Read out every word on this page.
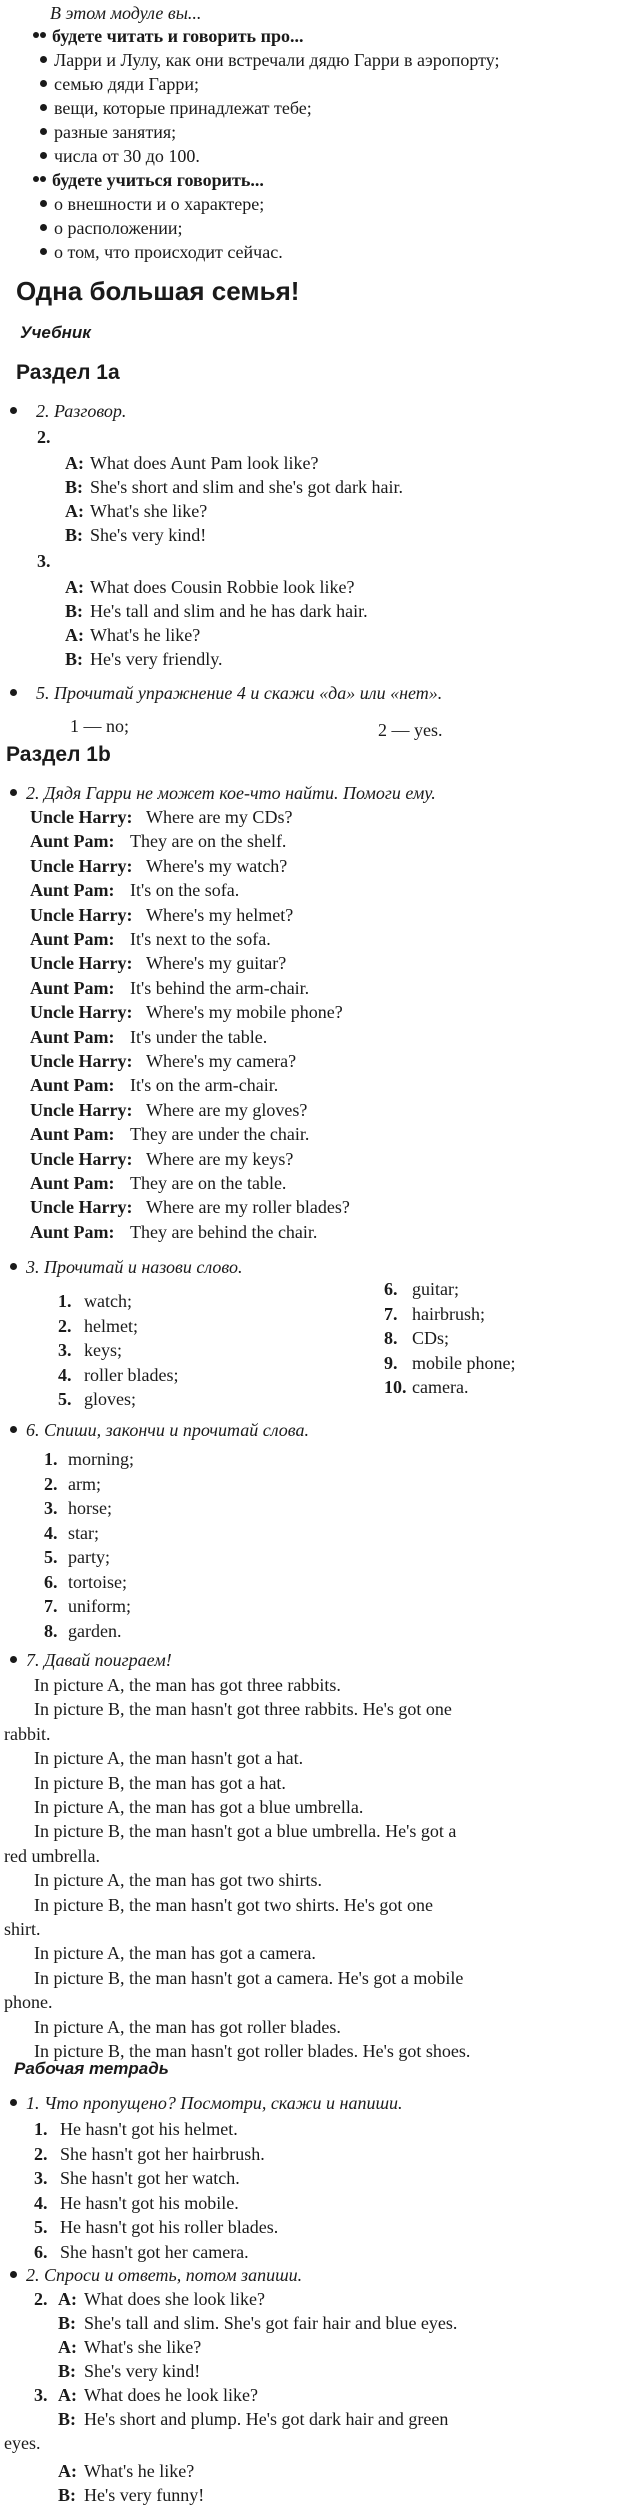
В этом модуле вы...
будете читать и говорить про...
Ларри и Лулу, как они встречали дядю Гарри в аэропорту;
семью дяди Гарри;
вещи, которые принадлежат тебе;
разные занятия;
числа от 30 до 100.
будете учиться говорить...
о внешности и о характере;
о расположении;
о том, что происходит сейчас.
Одна большая семья!
Учебник
Раздел 1a
2. Разговор.
2.
A: What does Aunt Pam look like?
B: She's short and slim and she's got dark hair.
A: What's she like?
B: She's very kind!
3.
A: What does Cousin Robbie look like?
B: He's tall and slim and he has dark hair.
A: What's he like?
B: He's very friendly.
5. Прочитай упражнение 4 и скажи «да» или «нет».
1 — no;	2 — yes.
Раздел 1b
2. Дядя Гарри не может кое-что найти. Помоги ему.
Uncle Harry: Where are my CDs?
Aunt Pam: They are on the shelf.
Uncle Harry: Where's my watch?
Aunt Pam: It's on the sofa.
Uncle Harry: Where's my helmet?
Aunt Pam: It's next to the sofa.
Uncle Harry: Where's my guitar?
Aunt Pam: It's behind the arm-chair.
Uncle Harry: Where's my mobile phone?
Aunt Pam: It's under the table.
Uncle Harry: Where's my camera?
Aunt Pam: It's on the arm-chair.
Uncle Harry: Where are my gloves?
Aunt Pam: They are under the chair.
Uncle Harry: Where are my keys?
Aunt Pam: They are on the table.
Uncle Harry: Where are my roller blades?
Aunt Pam: They are behind the chair.
3. Прочитай и назови слово.
1. watch;
6. guitar;
2. helmet;
7. hairbrush;
3. keys;
8. CDs;
4. roller blades;
9. mobile phone;
5. gloves;
10. camera.
6. Спиши, закончи и прочитай слова.
1. morning;
2. arm;
3. horse;
4. star;
5. party;
6. tortoise;
7. uniform;
8. garden.
7. Давай поиграем!
In picture A, the man has got three rabbits.
In picture B, the man hasn't got three rabbits. He's got one
rabbit.
In picture A, the man hasn't got a hat.
In picture B, the man has got a hat.
In picture A, the man has got a blue umbrella.
In picture B, the man hasn't got a blue umbrella. He's got a
red umbrella.
In picture A, the man has got two shirts.
In picture B, the man hasn't got two shirts. He's got one
shirt.
In picture A, the man has got a camera.
In picture B, the man hasn't got a camera. He's got a mobile
phone.
In picture A, the man has got roller blades.
In picture B, the man hasn't got roller blades. He's got shoes.
Рабочая тетрадь
1. Что пропущено? Посмотри, скажи и напиши.
1. He hasn't got his helmet.
2. She hasn't got her hairbrush.
3. She hasn't got her watch.
4. He hasn't got his mobile.
5. He hasn't got his roller blades.
6. She hasn't got her camera.
2. Спроси и ответь, потом запиши.
2. A: What does she look like?
B: She's tall and slim. She's got fair hair and blue eyes.
A: What's she like?
B: She's very kind!
3. A: What does he look like?
B: He's short and plump. He's got dark hair and green
eyes.
A: What's he like?
B: He's very funny!
